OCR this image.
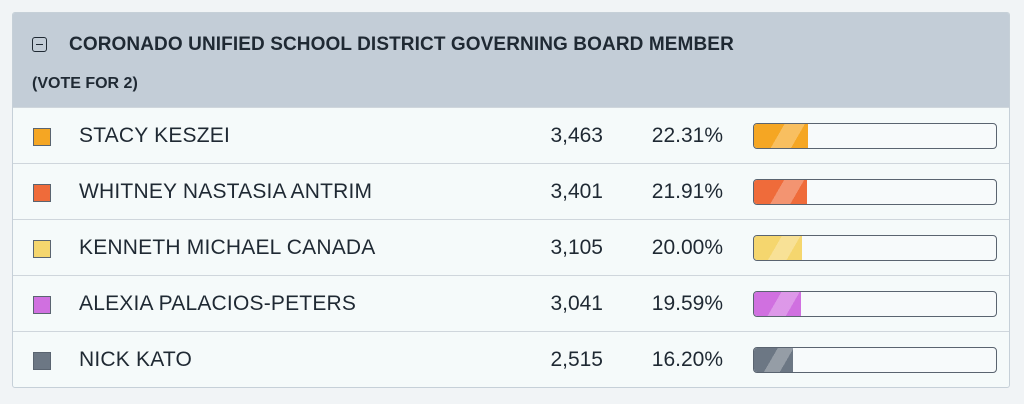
CORONADO UNIFIED SCHOOL DISTRICT GOVERNING BOARD MEMBER
(VOTE FOR 2)
STACY KESZEI	3,463 22.31%
WHITNEY NASTASIA ANTRIM	3,401 21.91%
KENNETH MICHAEL CANADA	3,105 20.00%
ALEXIA PALACIOS-PETERS	3,041 19.59%
NICK KATO	2,515 16.20%
